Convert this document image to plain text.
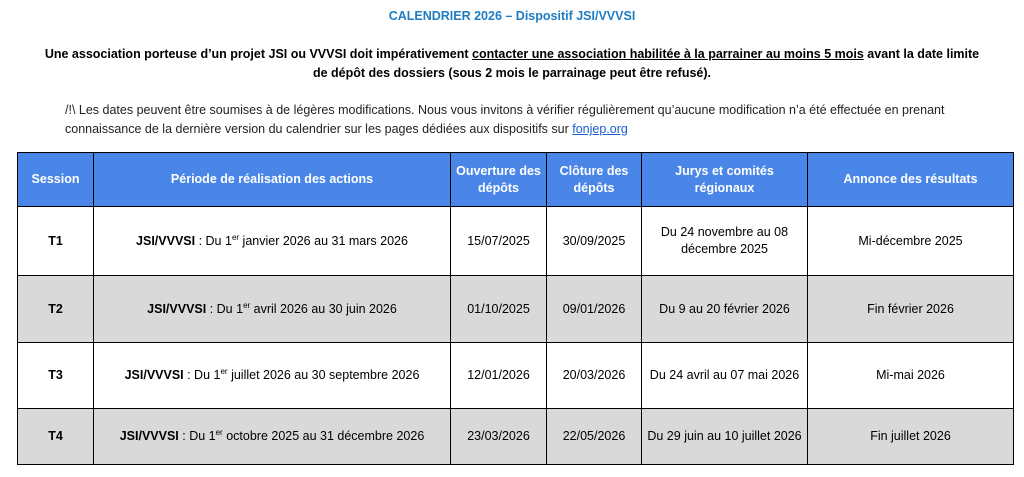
CALENDRIER 2026 – Dispositif JSI/VVVSI
Une association porteuse d’un projet JSI ou VVVSI doit impérativement contacter une association habilitée à la parrainer au moins 5 mois avant la date limite de dépôt des dossiers (sous 2 mois le parrainage peut être refusé).
/!\ Les dates peuvent être soumises à de légères modifications. Nous vous invitons à vérifier régulièrement qu’aucune modification n’a été effectuée en prenant connaissance de la dernière version du calendrier sur les pages dédiées aux dispositifs sur fonjep.org
Session	Période de réalisation des actions	Ouverture des dépôts	Clôture des dépôts	Jurys et comités régionaux	Annonce des résultats
T1	JSI/VVVSI : Du 1er janvier 2026 au 31 mars 2026	15/07/2025	30/09/2025	Du 24 novembre au 08 décembre 2025	Mi-décembre 2025
T2	JSI/VVVSI : Du 1er avril 2026 au 30 juin 2026	01/10/2025	09/01/2026	Du 9 au 20 février 2026	Fin février 2026
T3	JSI/VVVSI : Du 1er juillet 2026 au 30 septembre 2026	12/01/2026	20/03/2026	Du 24 avril au 07 mai 2026	Mi-mai 2026
T4	JSI/VVVSI : Du 1er octobre 2025 au 31 décembre 2026	23/03/2026	22/05/2026	Du 29 juin au 10 juillet 2026	Fin juillet 2026
